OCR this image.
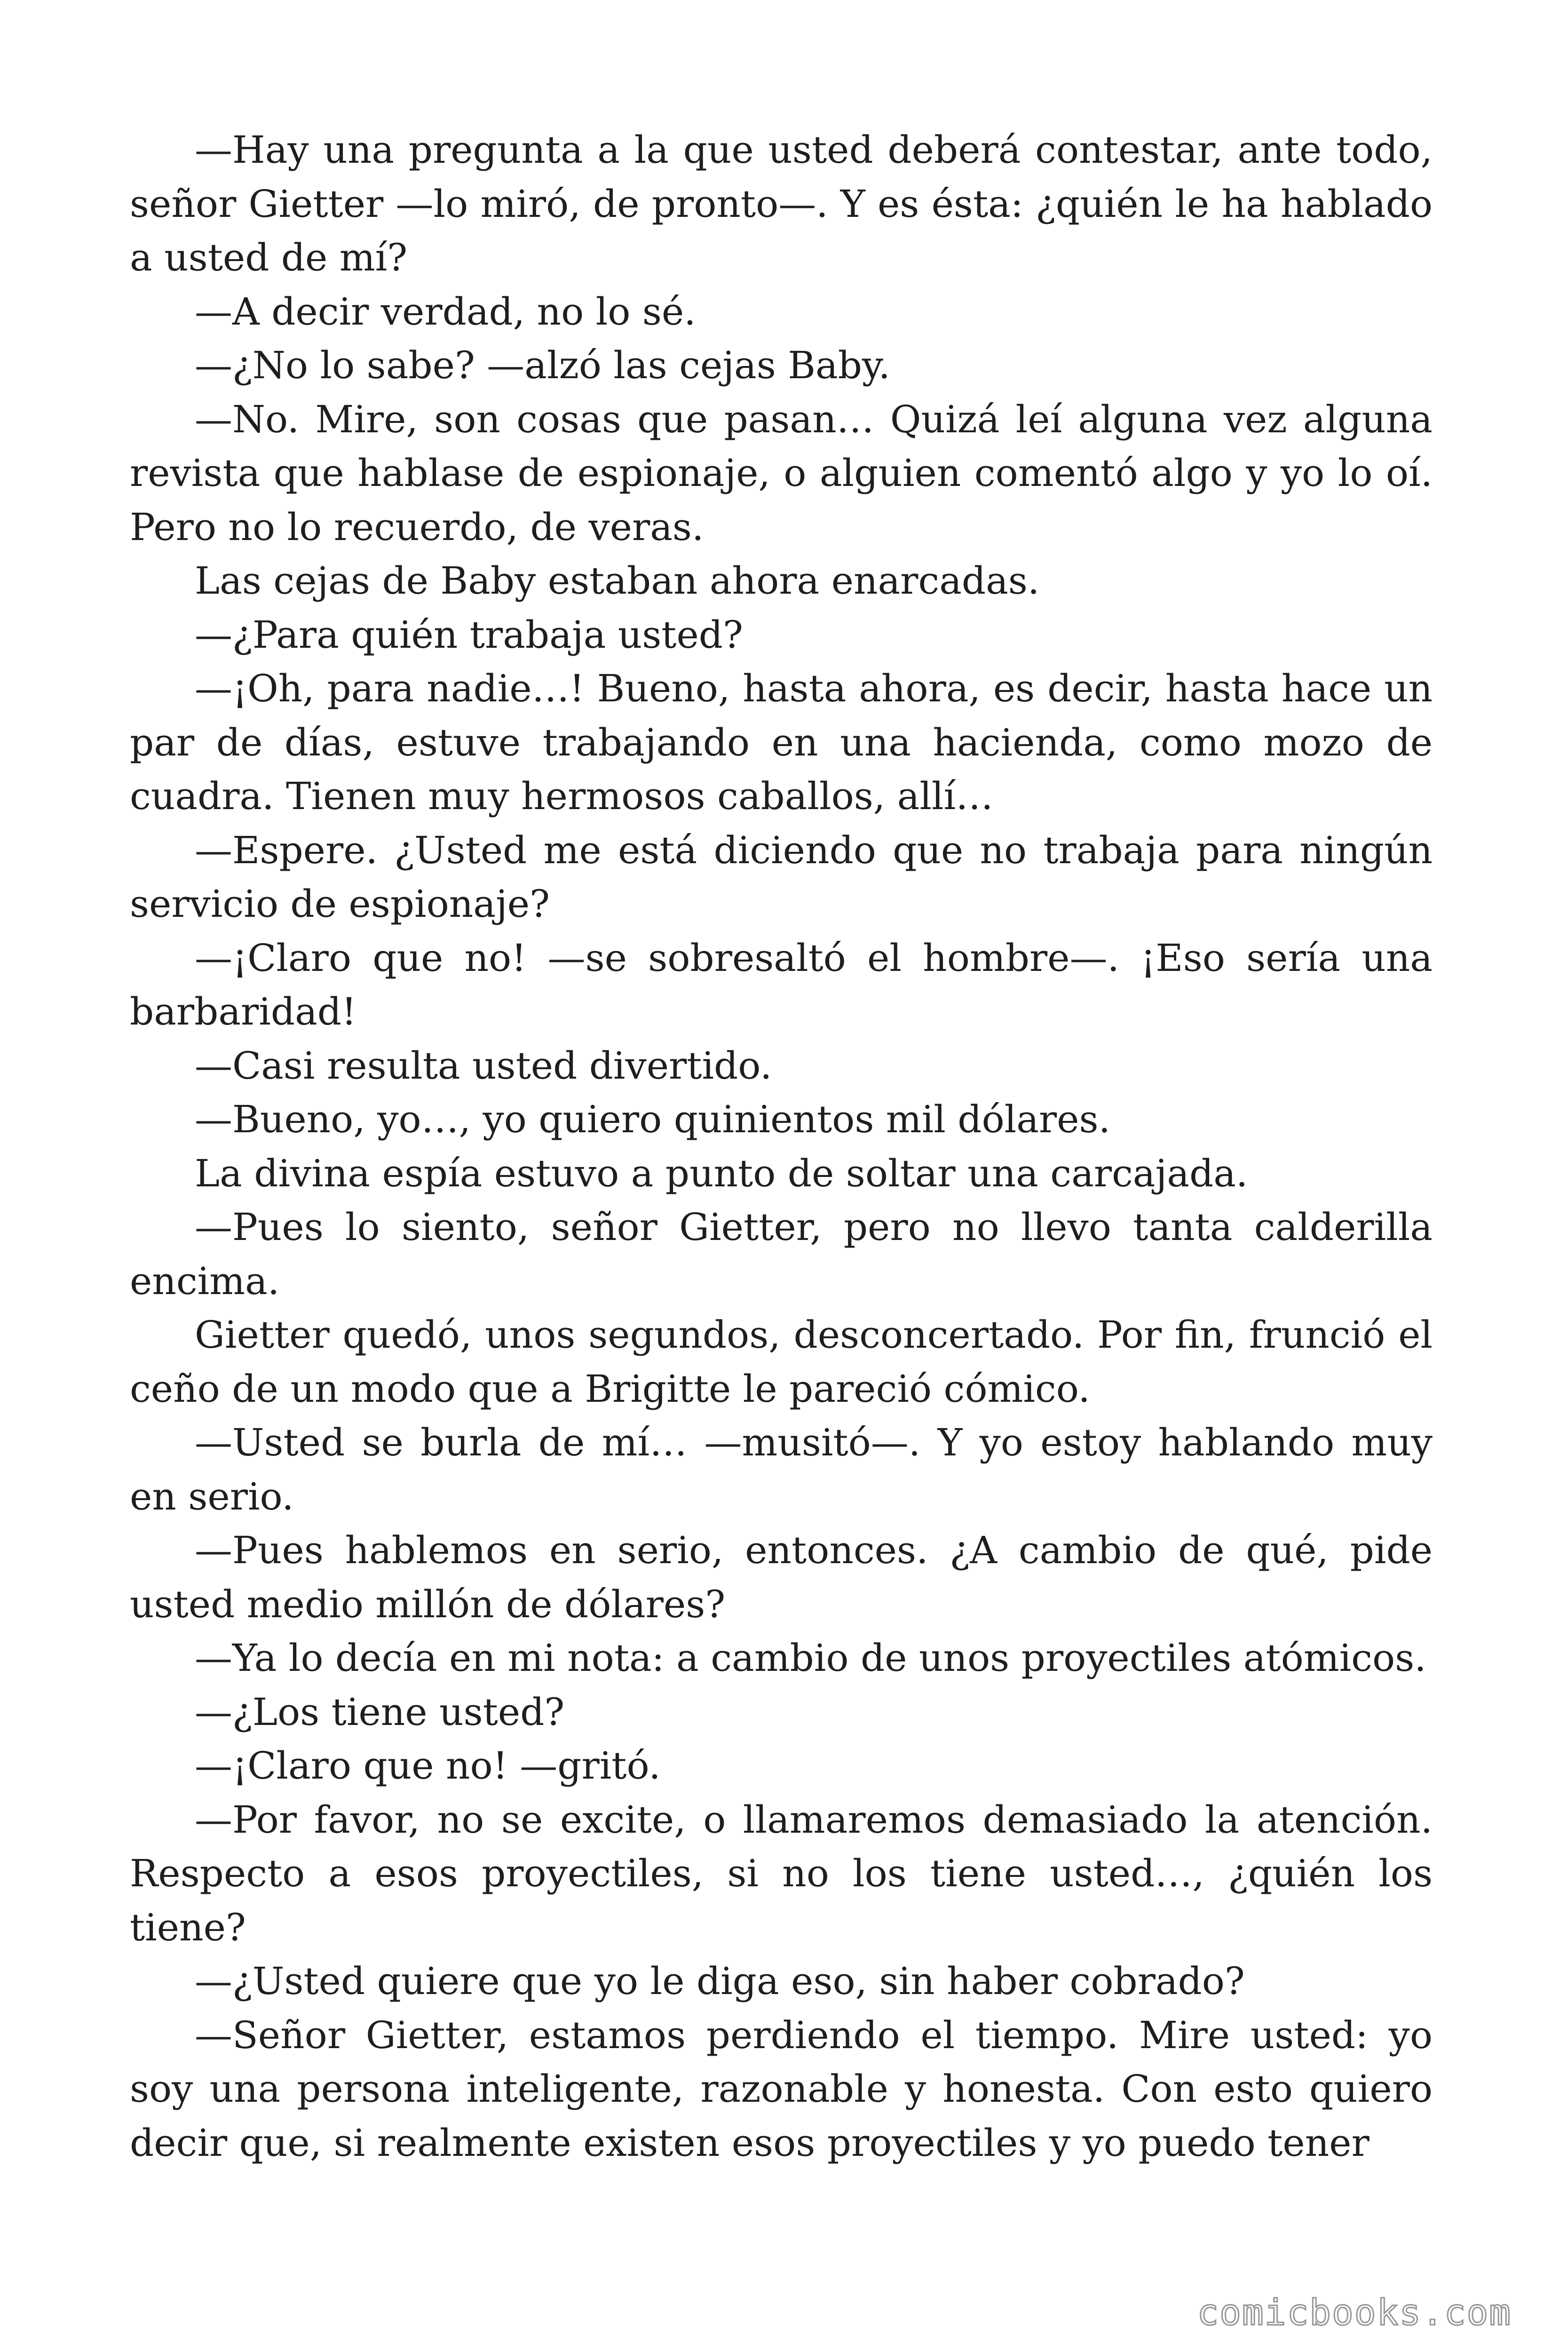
—Hay una pregunta a la que usted deberá contestar, ante todo, señor Gietter —lo miró, de pronto—. Y es ésta: ¿quién le ha hablado a usted de mí?

—A decir verdad, no lo sé.

—¿No lo sabe? —alzó las cejas Baby.

—No. Mire, son cosas que pasan… Quizá leí alguna vez alguna revista que hablase de espionaje, o alguien comentó algo y yo lo oí. Pero no lo recuerdo, de veras.

Las cejas de Baby estaban ahora enarcadas.

—¿Para quién trabaja usted?

—¡Oh, para nadie…! Bueno, hasta ahora, es decir, hasta hace un par de días, estuve trabajando en una hacienda, como mozo de cuadra. Tienen muy hermosos caballos, allí…

—Espere. ¿Usted me está diciendo que no trabaja para ningún servicio de espionaje?

—¡Claro que no! —se sobresaltó el hombre—. ¡Eso sería una barbaridad!

—Casi resulta usted divertido.

—Bueno, yo…, yo quiero quinientos mil dólares.

La divina espía estuvo a punto de soltar una carcajada.

—Pues lo siento, señor Gietter, pero no llevo tanta calderilla encima.

Gietter quedó, unos segundos, desconcertado. Por fin, frunció el ceño de un modo que a Brigitte le pareció cómico.

—Usted se burla de mí… —musitó—. Y yo estoy hablando muy en serio.

—Pues hablemos en serio, entonces. ¿A cambio de qué, pide usted medio millón de dólares?

—Ya lo decía en mi nota: a cambio de unos proyectiles atómicos.

—¿Los tiene usted?

—¡Claro que no! —gritó.

—Por favor, no se excite, o llamaremos demasiado la atención. Respecto a esos proyectiles, si no los tiene usted…, ¿quién los tiene?

—¿Usted quiere que yo le diga eso, sin haber cobrado?

—Señor Gietter, estamos perdiendo el tiempo. Mire usted: yo soy una persona inteligente, razonable y honesta. Con esto quiero decir que, si realmente existen esos proyectiles y yo puedo tener

comicbooks.com
